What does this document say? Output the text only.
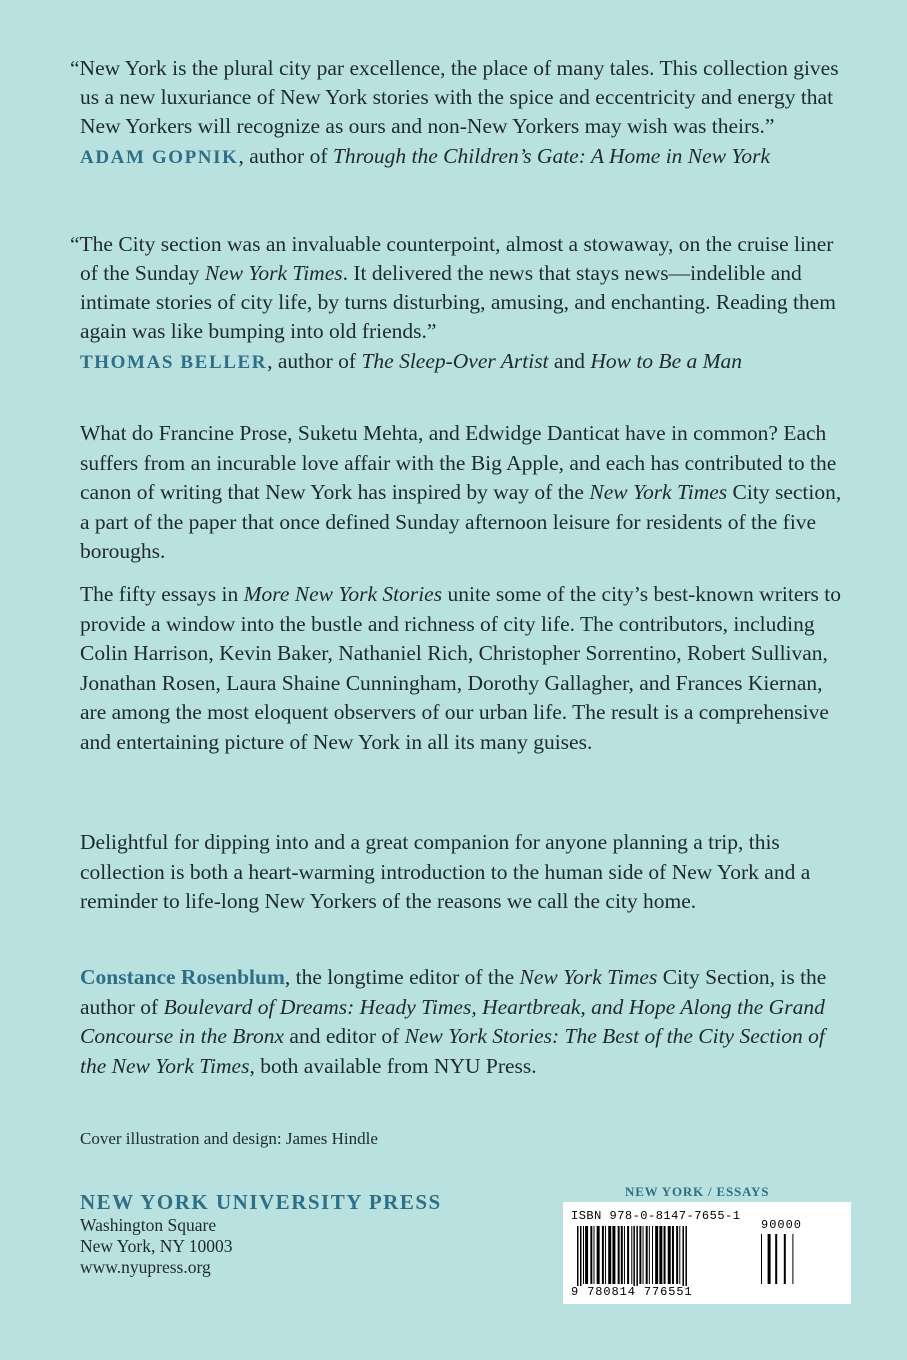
“New York is the plural city par excellence, the place of many tales. This collection gives us a new luxuriance of New York stories with the spice and eccentricity and energy that New Yorkers will recognize as ours and non-New Yorkers may wish was theirs.”
ADAM GOPNIK, author of Through the Children’s Gate: A Home in New York
“The City section was an invaluable counterpoint, almost a stowaway, on the cruise liner of the Sunday New York Times. It delivered the news that stays news—indelible and intimate stories of city life, by turns disturbing, amusing, and enchanting. Reading them again was like bumping into old friends.”
THOMAS BELLER, author of The Sleep-Over Artist and How to Be a Man

What do Francine Prose, Suketu Mehta, and Edwidge Danticat have in common? Each suffers from an incurable love affair with the Big Apple, and each has contributed to the canon of writing that New York has inspired by way of the New York Times City section, a part of the paper that once defined Sunday afternoon leisure for residents of the five boroughs.

The fifty essays in More New York Stories unite some of the city’s best-known writers to provide a window into the bustle and richness of city life. The contributors, including Colin Harrison, Kevin Baker, Nathaniel Rich, Christopher Sorrentino, Robert Sullivan, Jonathan Rosen, Laura Shaine Cunningham, Dorothy Gallagher, and Frances Kiernan, are among the most eloquent observers of our urban life. The result is a comprehensive and entertaining picture of New York in all its many guises.

Delightful for dipping into and a great companion for anyone planning a trip, this collection is both a heart-warming introduction to the human side of New York and a reminder to life-long New Yorkers of the reasons we call the city home.

Constance Rosenblum, the longtime editor of the New York Times City Section, is the author of Boulevard of Dreams: Heady Times, Heartbreak, and Hope Along the Grand Concourse in the Bronx and editor of New York Stories: The Best of the City Section of the New York Times, both available from NYU Press.

Cover illustration and design: James Hindle
NEW YORK UNIVERSITY PRESS
Washington Square
New York, NY 10003
www.nyupress.org
NEW YORK / ESSAYS
ISBN 978-0-8147-7655-1
90000
9 780814 776551
